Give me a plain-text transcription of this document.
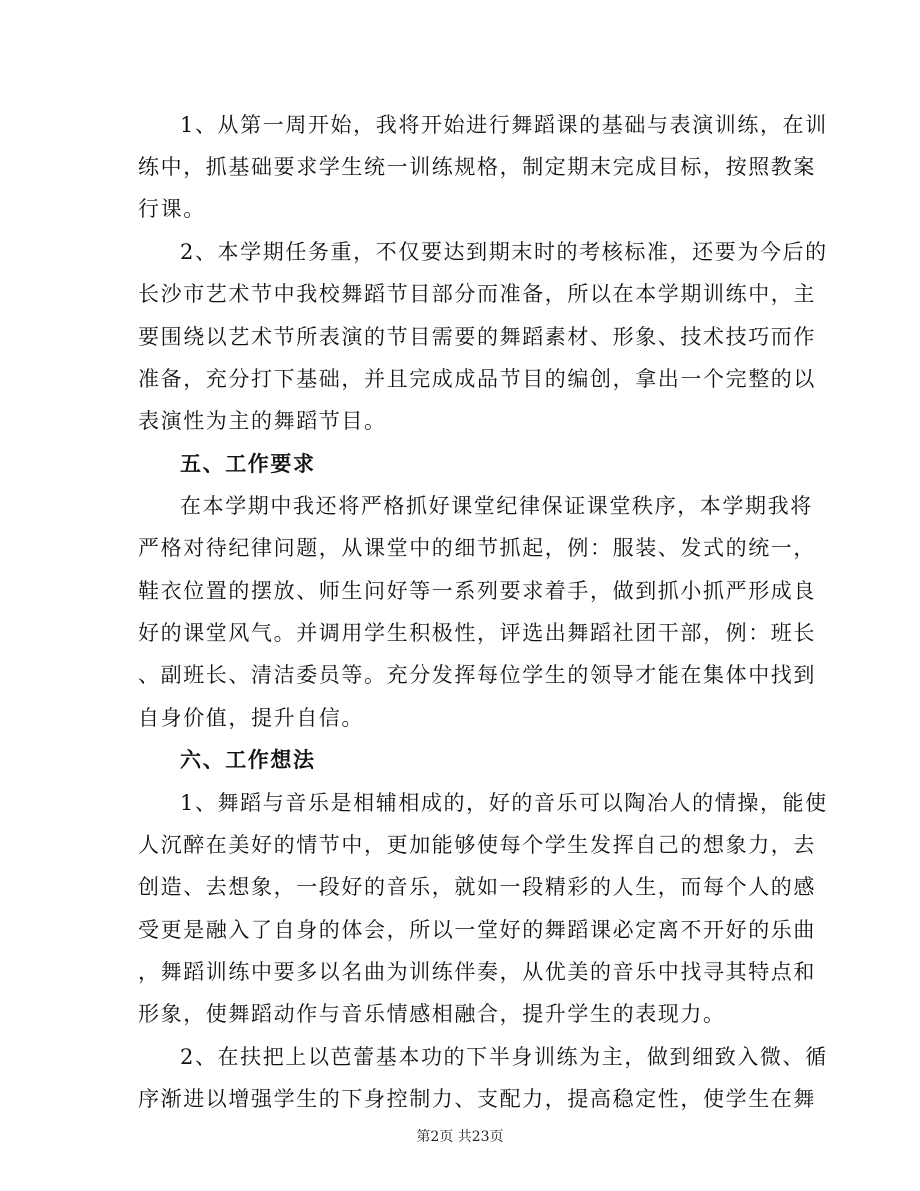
1、从第一周开始，我将开始进行舞蹈课的基础与表演训练，在训
练中，抓基础要求学生统一训练规格，制定期末完成目标，按照教案
行课。
2、本学期任务重，不仅要达到期末时的考核标准，还要为今后的
长沙市艺术节中我校舞蹈节目部分而准备，所以在本学期训练中，主
要围绕以艺术节所表演的节目需要的舞蹈素材、形象、技术技巧而作
准备，充分打下基础，并且完成成品节目的编创，拿出一个完整的以
表演性为主的舞蹈节目。
五、工作要求
在本学期中我还将严格抓好课堂纪律保证课堂秩序，本学期我将
严格对待纪律问题，从课堂中的细节抓起，例：服装、发式的统一，
鞋衣位置的摆放、师生问好等一系列要求着手，做到抓小抓严形成良
好的课堂风气。并调用学生积极性，评选出舞蹈社团干部，例：班长
、副班长、清洁委员等。充分发挥每位学生的领导才能在集体中找到
自身价值，提升自信。
六、工作想法
1、舞蹈与音乐是相辅相成的，好的音乐可以陶冶人的情操，能使
人沉醉在美好的情节中，更加能够使每个学生发挥自己的想象力，去
创造、去想象，一段好的音乐，就如一段精彩的人生，而每个人的感
受更是融入了自身的体会，所以一堂好的舞蹈课必定离不开好的乐曲
，舞蹈训练中要多以名曲为训练伴奏，从优美的音乐中找寻其特点和
形象，使舞蹈动作与音乐情感相融合，提升学生的表现力。
2、在扶把上以芭蕾基本功的下半身训练为主，做到细致入微、循
序渐进以增强学生的下身控制力、支配力，提高稳定性，使学生在舞
第2页 共23页
